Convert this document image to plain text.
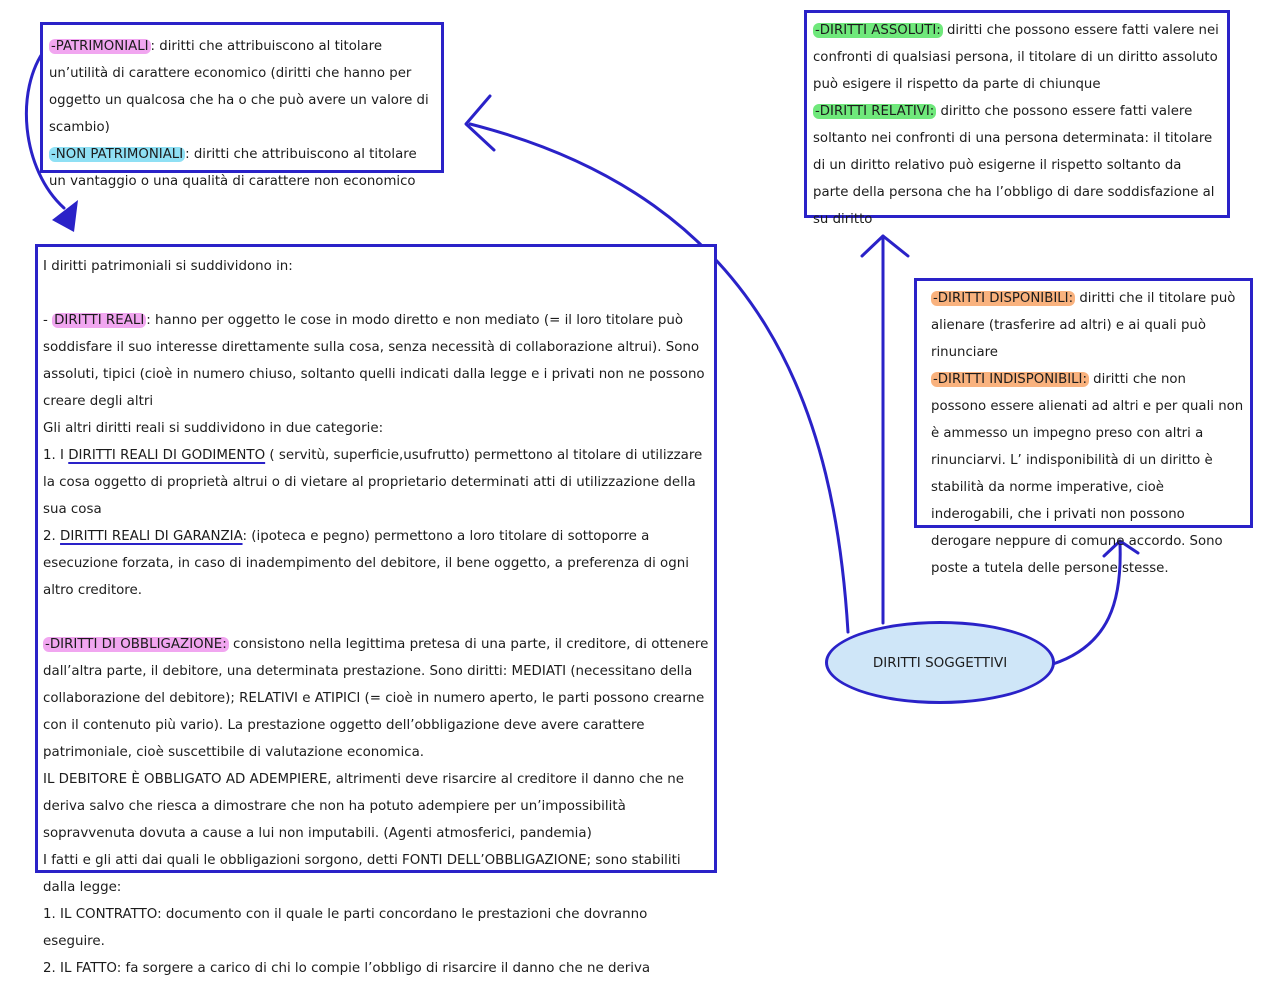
-PATRIMONIALI : diritti che attribuiscono al titolare un’utilità di carattere economico (diritti che hanno per oggetto un qualcosa che ha o che può avere un valore di scambio)

-NON PATRIMONIALI : diritti che attribuiscono al titolare un vantaggio o una qualità di carattere non economico

-DIRITTI ASSOLUTI: diritti che possono essere fatti valere nei confronti di qualsiasi persona, il titolare di un diritto assoluto può esigere il rispetto da parte di chiunque

-DIRITTI RELATIVI: diritto che possono essere fatti valere soltanto nei confronti di una persona determinata: il titolare di un diritto relativo può esigerne il rispetto soltanto da parte della persona che ha l’obbligo di dare soddisfazione al su diritto

-DIRITTI DISPONIBILI: diritti che il titolare può alienare (trasferire ad altri) e ai quali può rinunciare

-DIRITTI INDISPONIBILI: diritti che non possono essere alienati ad altri e per quali non è ammesso un impegno preso con altri a rinunciarvi. L’ indisponibilità di un diritto è stabilità da norme imperative, cioè inderogabili, che i privati non possono derogare neppure di comune accordo. Sono poste a tutela delle persone stesse.

I diritti patrimoniali si suddividono in:

- DIRITTI REALI : hanno per oggetto le cose in modo diretto e non mediato (= il loro titolare può soddisfare il suo interesse direttamente sulla cosa, senza necessità di collaborazione altrui). Sono assoluti, tipici (cioè in numero chiuso, soltanto quelli indicati dalla legge e i privati non ne possono creare degli altri

Gli altri diritti reali si suddividono in due categorie:

1. I DIRITTI REALI DI GODIMENTO ( servitù, superficie,usufrutto) permettono al titolare di utilizzare la cosa oggetto di proprietà altrui o di vietare al proprietario determinati atti di utilizzazione della sua cosa

2. DIRITTI REALI DI GARANZIA: (ipoteca e pegno) permettono a loro titolare di sottoporre a esecuzione forzata, in caso di inadempimento del debitore, il bene oggetto, a preferenza di ogni altro creditore.

-DIRITTI DI OBBLIGAZIONE: consistono nella legittima pretesa di una parte, il creditore, di ottenere dall’altra parte, il debitore, una determinata prestazione. Sono diritti: MEDIATI (necessitano della collaborazione del debitore); RELATIVI e ATIPICI (= cioè in numero aperto, le parti possono crearne con il contenuto più vario). La prestazione oggetto dell’obbligazione deve avere carattere patrimoniale, cioè suscettibile di valutazione economica.

IL DEBITORE È OBBLIGATO AD ADEMPIERE, altrimenti deve risarcire al creditore il danno che ne deriva salvo che riesca a dimostrare che non ha potuto adempiere per un’impossibilità sopravvenuta dovuta a cause a lui non imputabili. (Agenti atmosferici, pandemia)

I fatti e gli atti dai quali le obbligazioni sorgono, detti FONTI DELL’OBBLIGAZIONE; sono stabiliti dalla legge:

1. IL CONTRATTO: documento con il quale le parti concordano le prestazioni che dovranno eseguire.

2. IL FATTO: fa sorgere a carico di chi lo compie l’obbligo di risarcire il danno che ne deriva

DIRITTI SOGGETTIVI
